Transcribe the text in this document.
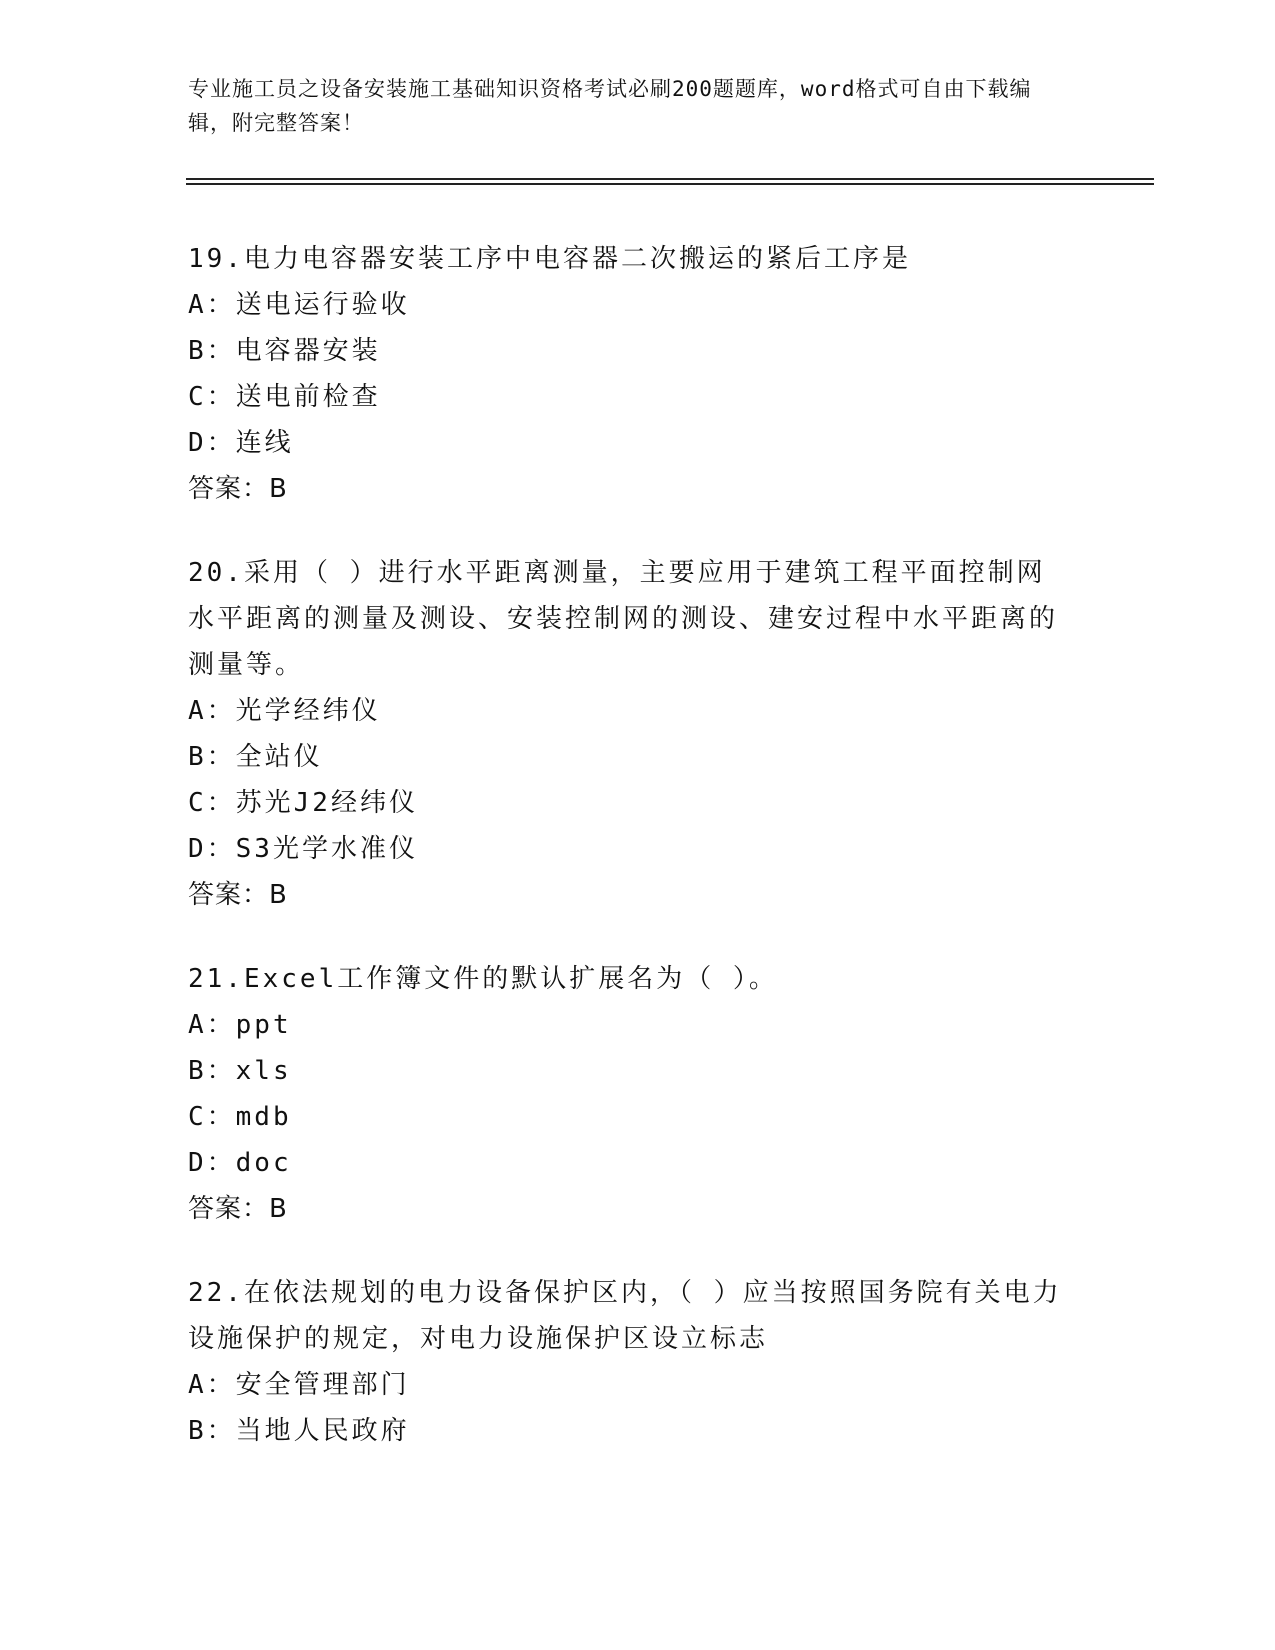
专业施工员之设备安装施工基础知识资格考试必刷200题题库，word格式可自由下载编辑，附完整答案！
19.电力电容器安装工序中电容器二次搬运的紧后工序是
A：送电运行验收
B：电容器安装
C：送电前检查
D：连线
答案：B
20.采用（ ）进行水平距离测量，主要应用于建筑工程平面控制网水平距离的测量及测设、安装控制网的测设、建安过程中水平距离的测量等。
A：光学经纬仪
B：全站仪
C：苏光J2经纬仪
D：S3光学水准仪
答案：B
21.Excel工作簿文件的默认扩展名为（ ）。
A：ppt
B：xls
C：mdb
D：doc
答案：B
22.在依法规划的电力设备保护区内，（ ）应当按照国务院有关电力设施保护的规定，对电力设施保护区设立标志
A：安全管理部门
B：当地人民政府
